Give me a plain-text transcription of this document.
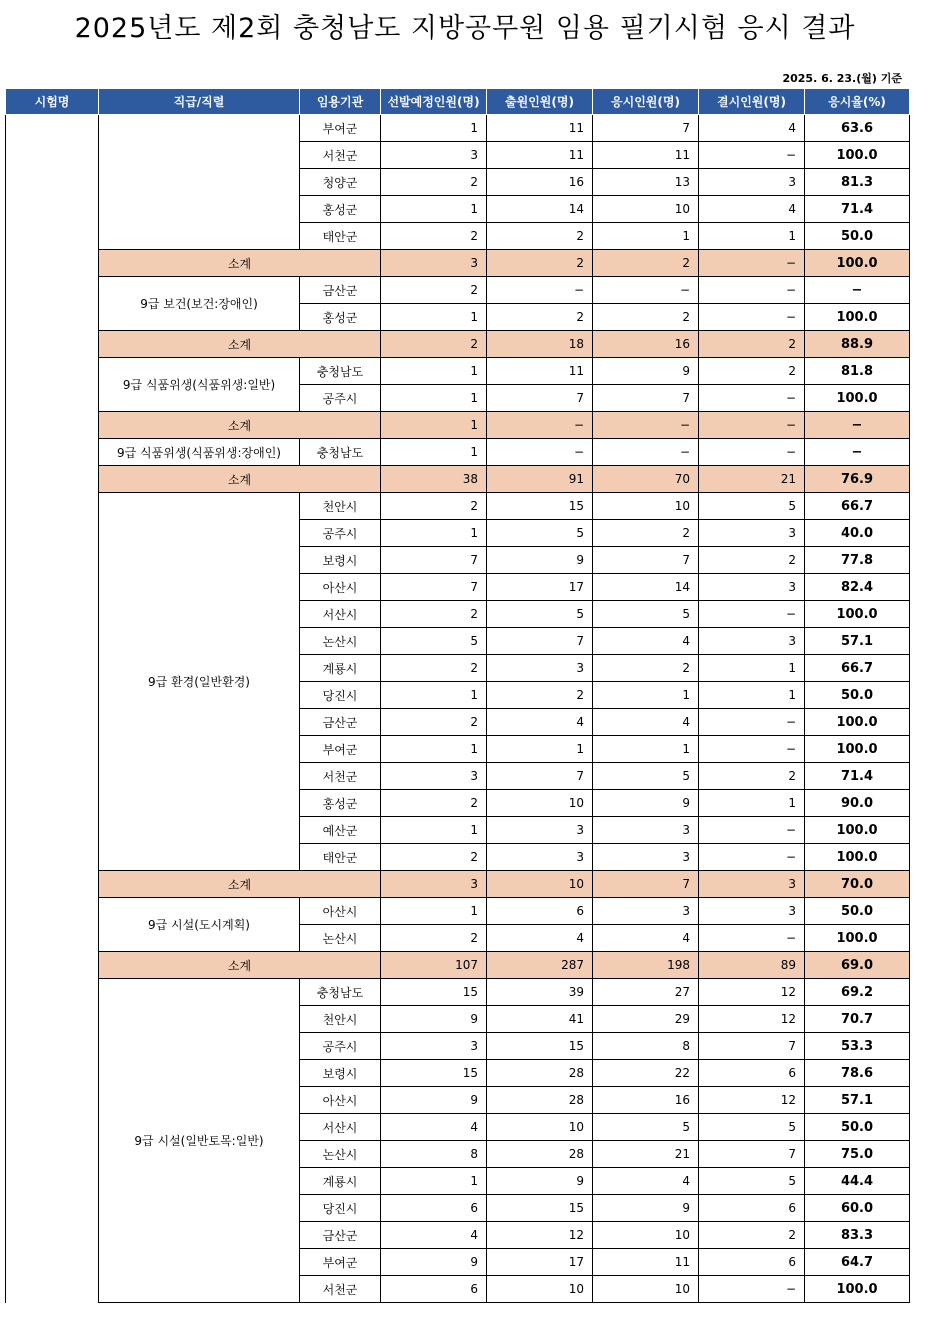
2025년도 제2회 충청남도 지방공무원 임용 필기시험 응시 결과
2025. 6. 23.(월) 기준
시험명	직급/직렬	임용기관	선발예정인원(명)	출원인원(명)	응시인원(명)	결시인원(명)	응시율(%)
		부여군	1	11	7	4	63.6
		서천군	3	11	11	−	100.0
		청양군	2	16	13	3	81.3
		홍성군	1	14	10	4	71.4
		태안군	2	2	1	1	50.0
	소계		3	2	2	−	100.0
	9급 보건(보건:장애인)	금산군	2	−	−	−	−
		홍성군	1	2	2	−	100.0
	소계		2	18	16	2	88.9
	9급 식품위생(식품위생:일반)	충청남도	1	11	9	2	81.8
		공주시	1	7	7	−	100.0
	소계		1	−	−	−	−
	9급 식품위생(식품위생:장애인)	충청남도	1	−	−	−	−
	소계		38	91	70	21	76.9
	9급 환경(일반환경)	천안시	2	15	10	5	66.7
		공주시	1	5	2	3	40.0
		보령시	7	9	7	2	77.8
		아산시	7	17	14	3	82.4
		서산시	2	5	5	−	100.0
		논산시	5	7	4	3	57.1
		계룡시	2	3	2	1	66.7
		당진시	1	2	1	1	50.0
		금산군	2	4	4	−	100.0
		부여군	1	1	1	−	100.0
		서천군	3	7	5	2	71.4
		홍성군	2	10	9	1	90.0
		예산군	1	3	3	−	100.0
		태안군	2	3	3	−	100.0
	소계		3	10	7	3	70.0
	9급 시설(도시계획)	아산시	1	6	3	3	50.0
		논산시	2	4	4	−	100.0
	소계		107	287	198	89	69.0
	9급 시설(일반토목:일반)	충청남도	15	39	27	12	69.2
		천안시	9	41	29	12	70.7
		공주시	3	15	8	7	53.3
		보령시	15	28	22	6	78.6
		아산시	9	28	16	12	57.1
		서산시	4	10	5	5	50.0
		논산시	8	28	21	7	75.0
		계룡시	1	9	4	5	44.4
		당진시	6	15	9	6	60.0
		금산군	4	12	10	2	83.3
		부여군	9	17	11	6	64.7
		서천군	6	10	10	−	100.0
